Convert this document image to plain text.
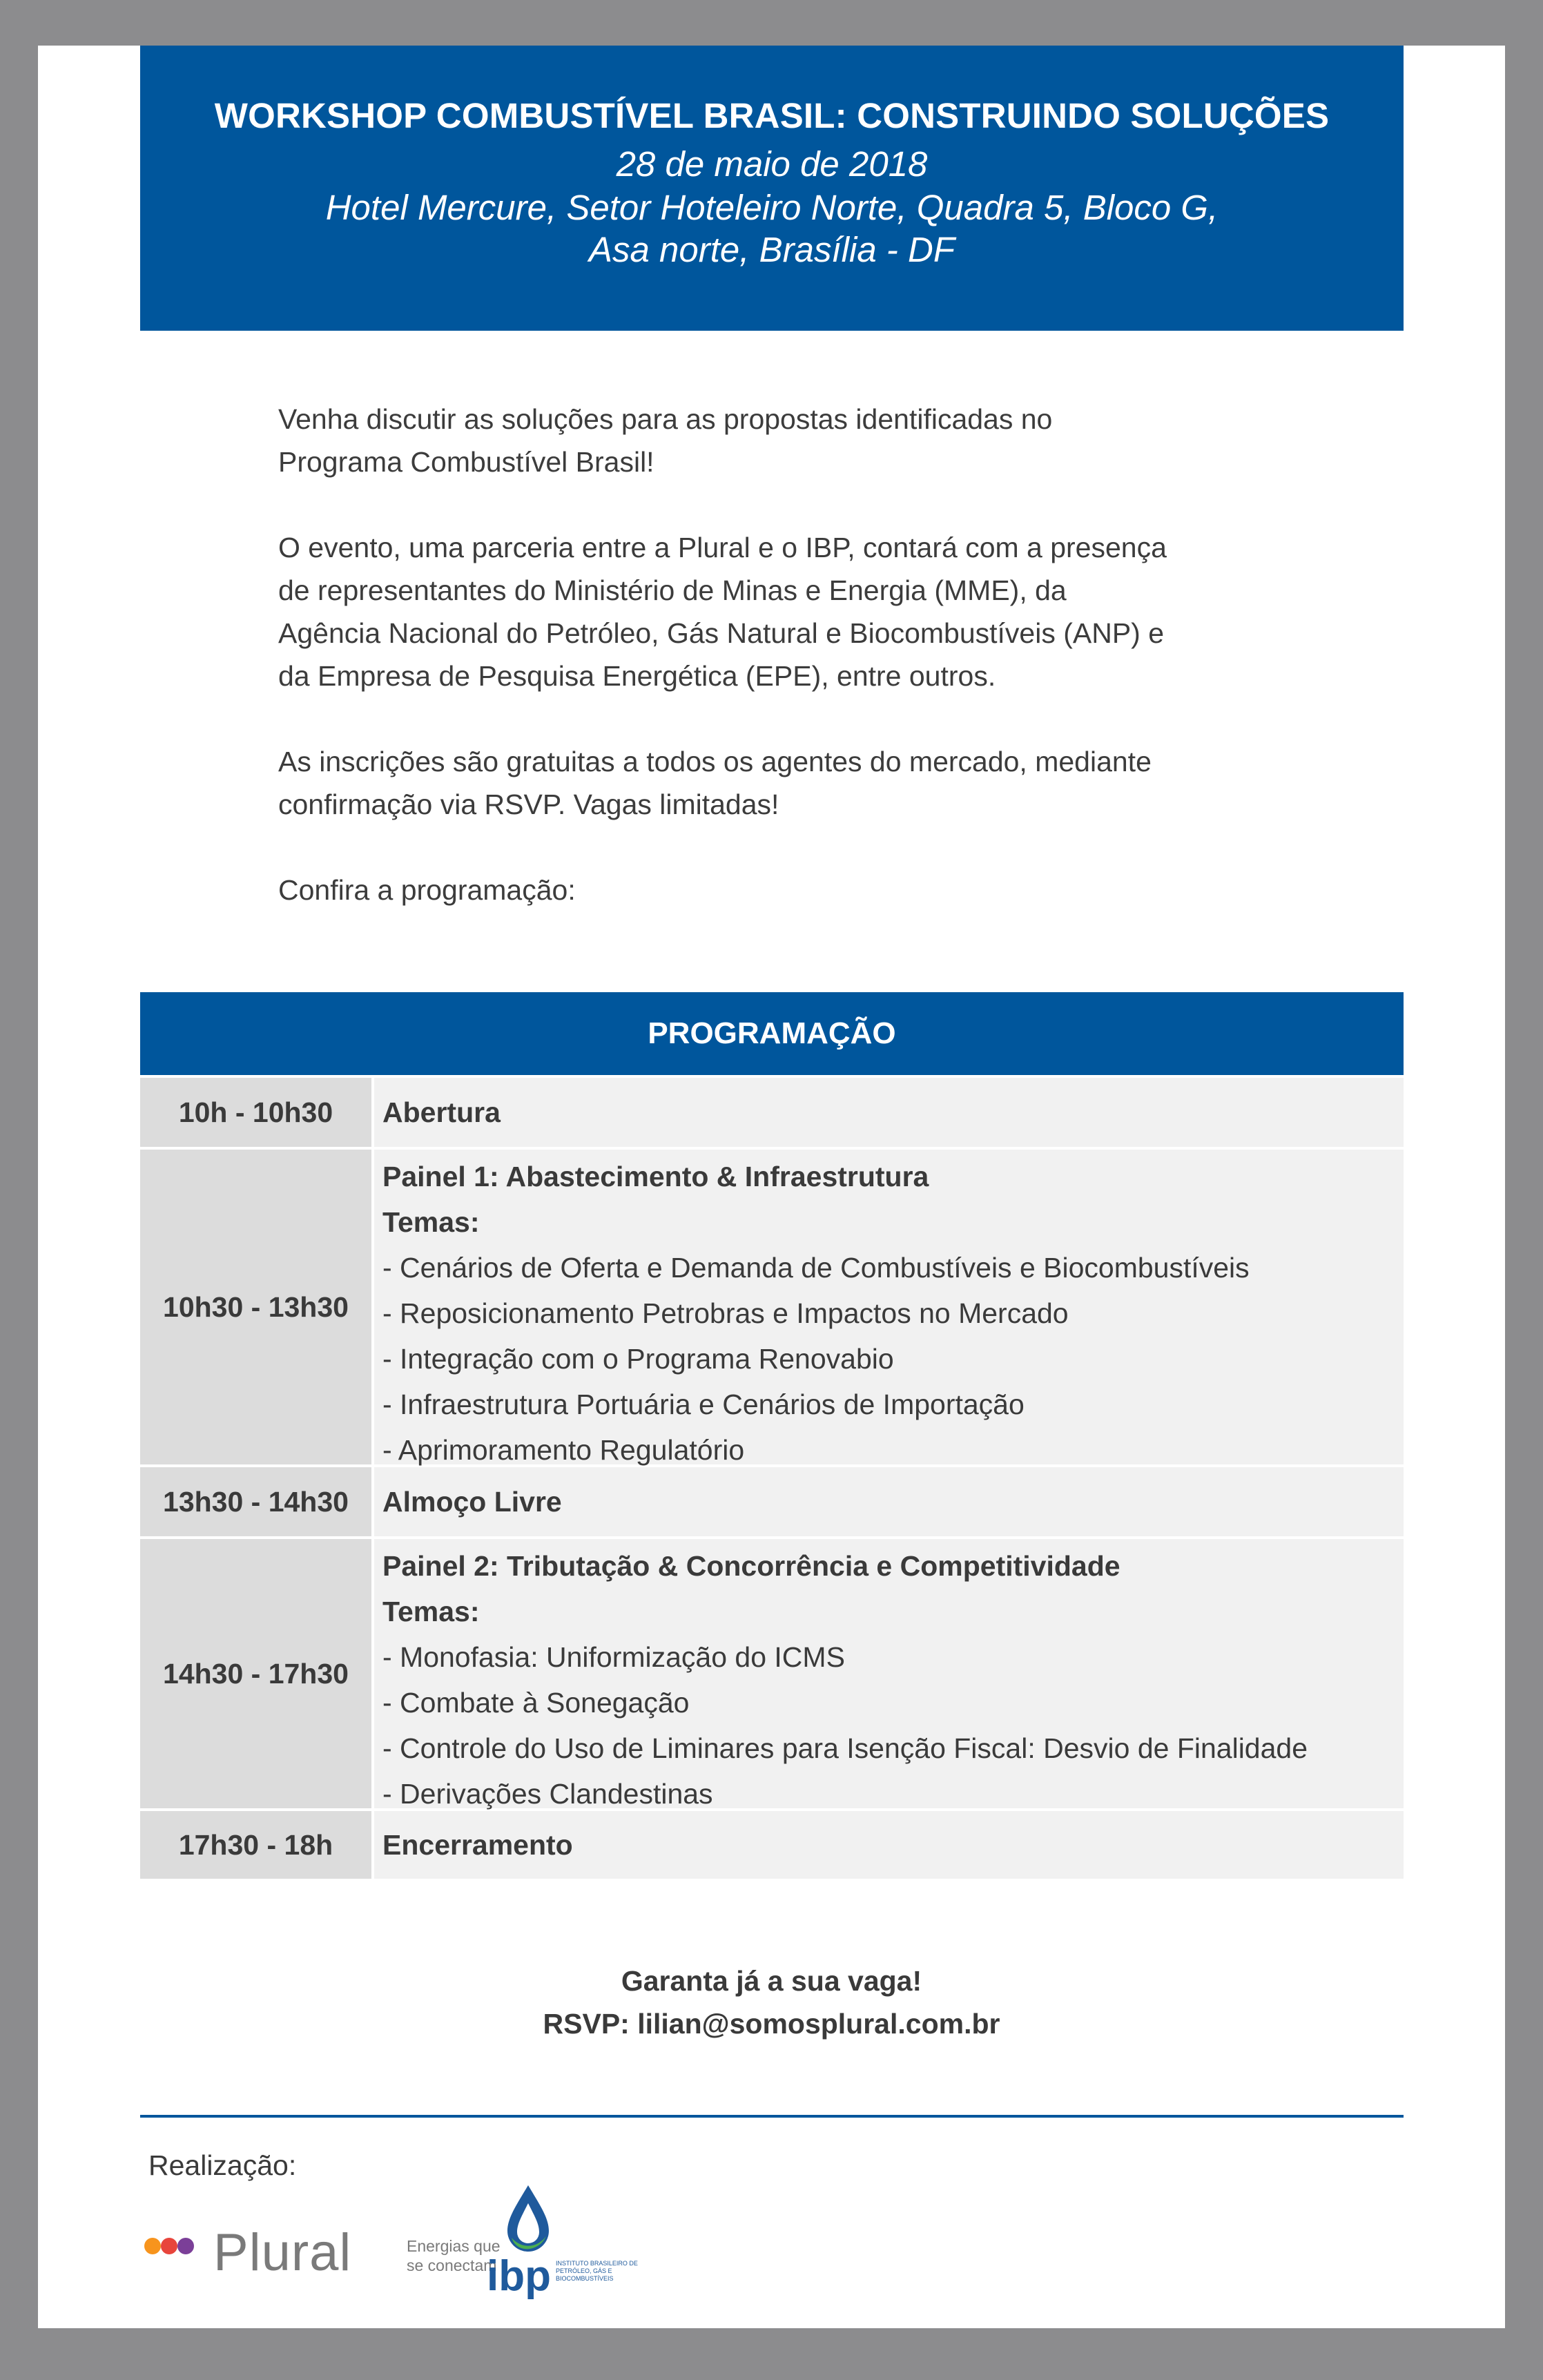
WORKSHOP COMBUSTÍVEL BRASIL: CONSTRUINDO SOLUÇÕES
28 de maio de 2018
Hotel Mercure, Setor Hoteleiro Norte, Quadra 5, Bloco G,
Asa norte, Brasília - DF

Venha discutir as soluções para as propostas identificadas no

Programa Combustível Brasil!

O evento, uma parceria entre a Plural e o IBP, contará com a presença

de representantes do Ministério de Minas e Energia (MME), da

Agência Nacional do Petróleo, Gás Natural e Biocombustíveis (ANP) e

da Empresa de Pesquisa Energética (EPE), entre outros.

As inscrições são gratuitas a todos os agentes do mercado, mediante

confirmação via RSVP. Vagas limitadas!

Confira a programação:

PROGRAMAÇÃO
10h - 10h30	Abertura
10h30 - 13h30
Painel 1: Abastecimento & Infraestrutura
Temas:
- Cenários de Oferta e Demanda de Combustíveis e Biocombustíveis
- Reposicionamento Petrobras e Impactos no Mercado
- Integração com o Programa Renovabio
- Infraestrutura Portuária e Cenários de Importação
- Aprimoramento Regulatório
13h30 - 14h30	Almoço Livre
14h30 - 17h30
Painel 2: Tributação & Concorrência e Competitividade
Temas:
- Monofasia: Uniformização do ICMS
- Combate à Sonegação
- Controle do Uso de Liminares para Isenção Fiscal: Desvio de Finalidade
- Derivações Clandestinas
17h30 - 18h	Encerramento
Garanta já a sua vaga!
RSVP: lilian@somosplural.com.br
Realização:
Plural	Energias que
se conectam
ibp INSTITUTO BRASILEIRO DE PETRÓLEO, GÁS E BIOCOMBUSTÍVEIS
